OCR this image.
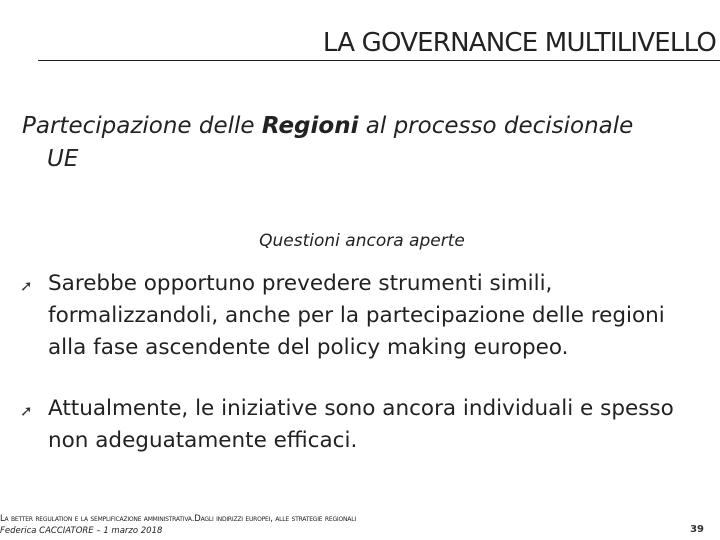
LA GOVERNANCE MULTILIVELLO
Partecipazione delle Regioni al processo decisionale
UE
Questioni ancora aperte
➚ Sarebbe opportuno prevedere strumenti simili, formalizzandoli, anche per la partecipazione delle regioni alla fase ascendente del policy making europeo.
➚ Attualmente, le iniziative sono ancora individuali e spesso non adeguatamente efficaci.
La better regulation e la semplificazione amministrativa.Dagli indirizzi europei, alle strategie regionali
Federica CACCIATORE – 1 marzo 2018	39
